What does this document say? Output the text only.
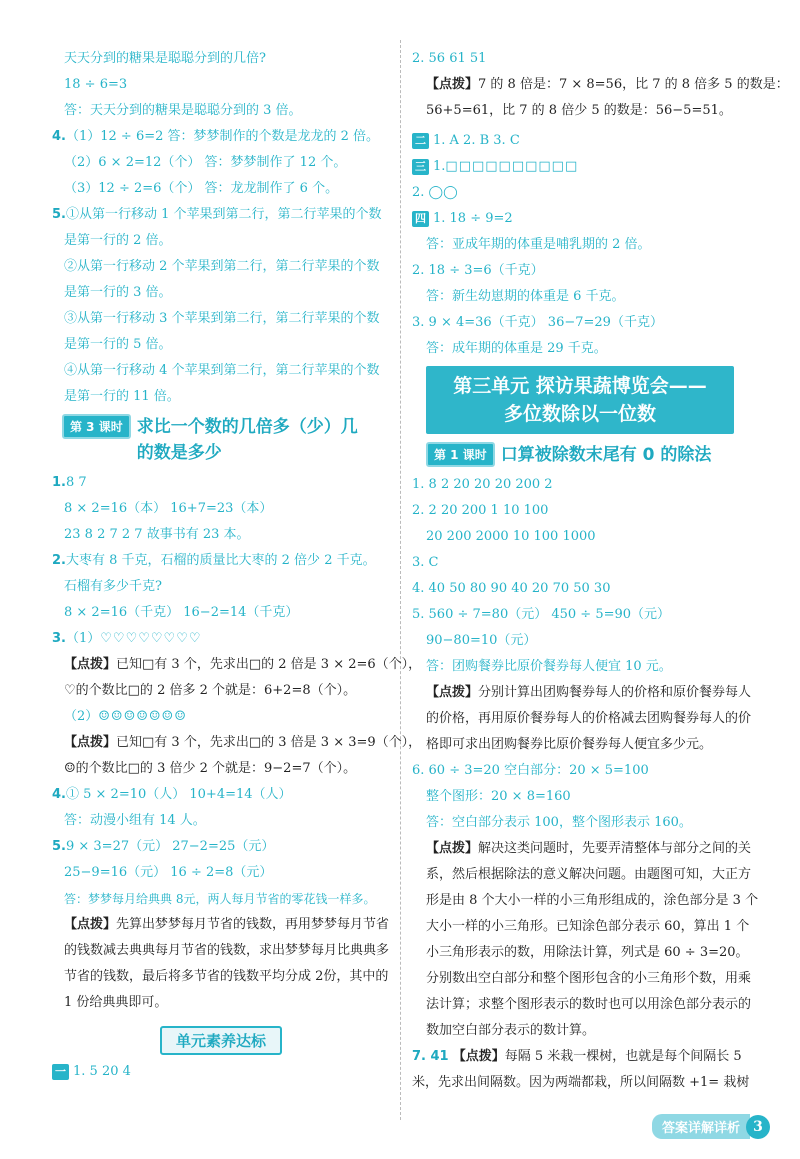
天天分到的糖果是聪聪分到的几倍?
18 ÷ 6=3
答：天天分到的糖果是聪聪分到的 3 倍。
4.（1）12 ÷ 6=2 答：梦梦制作的个数是龙龙的 2 倍。
（2）6 × 2=12（个） 答：梦梦制作了 12 个。
（3）12 ÷ 2=6（个） 答：龙龙制作了 6 个。
5.①从第一行移动 1 个苹果到第二行，第二行苹果的个数
是第一行的 2 倍。
②从第一行移动 2 个苹果到第二行，第二行苹果的个数
是第一行的 3 倍。
③从第一行移动 3 个苹果到第二行，第二行苹果的个数
是第一行的 5 倍。
④从第一行移动 4 个苹果到第二行，第二行苹果的个数
是第一行的 11 倍。
第 3 课时 求比一个数的几倍多（少）几
的数是多少
1.8 7
8 × 2=16（本） 16+7=23（本）
23 8 2 7 2 7 故事书有 23 本。
2.大枣有 8 千克，石榴的质量比大枣的 2 倍少 2 千克。
石榴有多少千克?
8 × 2=16（千克） 16−2=14（千克）
3.（1）♡♡♡♡♡♡♡♡
【点拨】已知□有 3 个，先求出□的 2 倍是 3 × 2=6（个），
♡的个数比□的 2 倍多 2 个就是：6+2=8（个）。
（2）☺☺☺☺☺☺☺
【点拨】已知□有 3 个，先求出□的 3 倍是 3 × 3=9（个），
☺的个数比□的 3 倍少 2 个就是：9−2=7（个）。
4.① 5 × 2=10（人） 10+4=14（人）
答：动漫小组有 14 人。
5.9 × 3=27（元） 27−2=25（元）
25−9=16（元） 16 ÷ 2=8（元）
答：梦梦每月给典典 8元，两人每月节省的零花钱一样多。
【点拨】先算出梦梦每月节省的钱数，再用梦梦每月节省的钱数减去典典每月节省的钱数，求出梦梦每月比典典多节省的钱数，最后将多节省的钱数平均分成 2份，其中的 1 份给典典即可。
单元素养达标
一 1. 5 20 4
2. 56 61 51
【点拨】7 的 8 倍是：7 × 8=56，比 7 的 8 倍多 5 的数是：
56+5=61，比 7 的 8 倍少 5 的数是：56−5=51。
二 1. A 2. B 3. C
三 1.□□□□□□□□□□
2. ◯◯
四 1. 18 ÷ 9=2
答：亚成年期的体重是哺乳期的 2 倍。
2. 18 ÷ 3=6（千克）
答：新生幼崽期的体重是 6 千克。
3. 9 × 4=36（千克） 36−7=29（千克）
答：成年期的体重是 29 千克。
第三单元 探访果蔬博览会——
多位数除以一位数
第 1 课时 口算被除数末尾有 0 的除法
1. 8 2 20 20 20 200 2
2. 2 20 200 1 10 100
20 200 2000 10 100 1000
3. C
4. 40 50 80 90 40 20 70 50 30
5. 560 ÷ 7=80（元） 450 ÷ 5=90（元）
90−80=10（元）
答：团购餐券比原价餐券每人便宜 10 元。
【点拨】分别计算出团购餐券每人的价格和原价餐券每人的价格，再用原价餐券每人的价格减去团购餐券每人的价格即可求出团购餐券比原价餐券每人便宜多少元。
6. 60 ÷ 3=20 空白部分：20 × 5=100
整个图形：20 × 8=160
答：空白部分表示 100，整个图形表示 160。
【点拨】解决这类问题时，先要弄清整体与部分之间的关系，然后根据除法的意义解决问题。由题图可知，大正方形是由 8 个大小一样的小三角形组成的，涂色部分是 3 个大小一样的小三角形。已知涂色部分表示 60，算出 1 个小三角形表示的数，用除法计算，列式是 60 ÷ 3=20。分别数出空白部分和整个图形包含的小三角形个数，用乘法计算；求整个图形表示的数时也可以用涂色部分表示的数加空白部分表示的数计算。
7. 41 【点拨】每隔 5 米栽一棵树，也就是每个间隔长 5 米，先求出间隔数。因为两端都栽，所以间隔数 +1= 栽树
答案详解详析 3
